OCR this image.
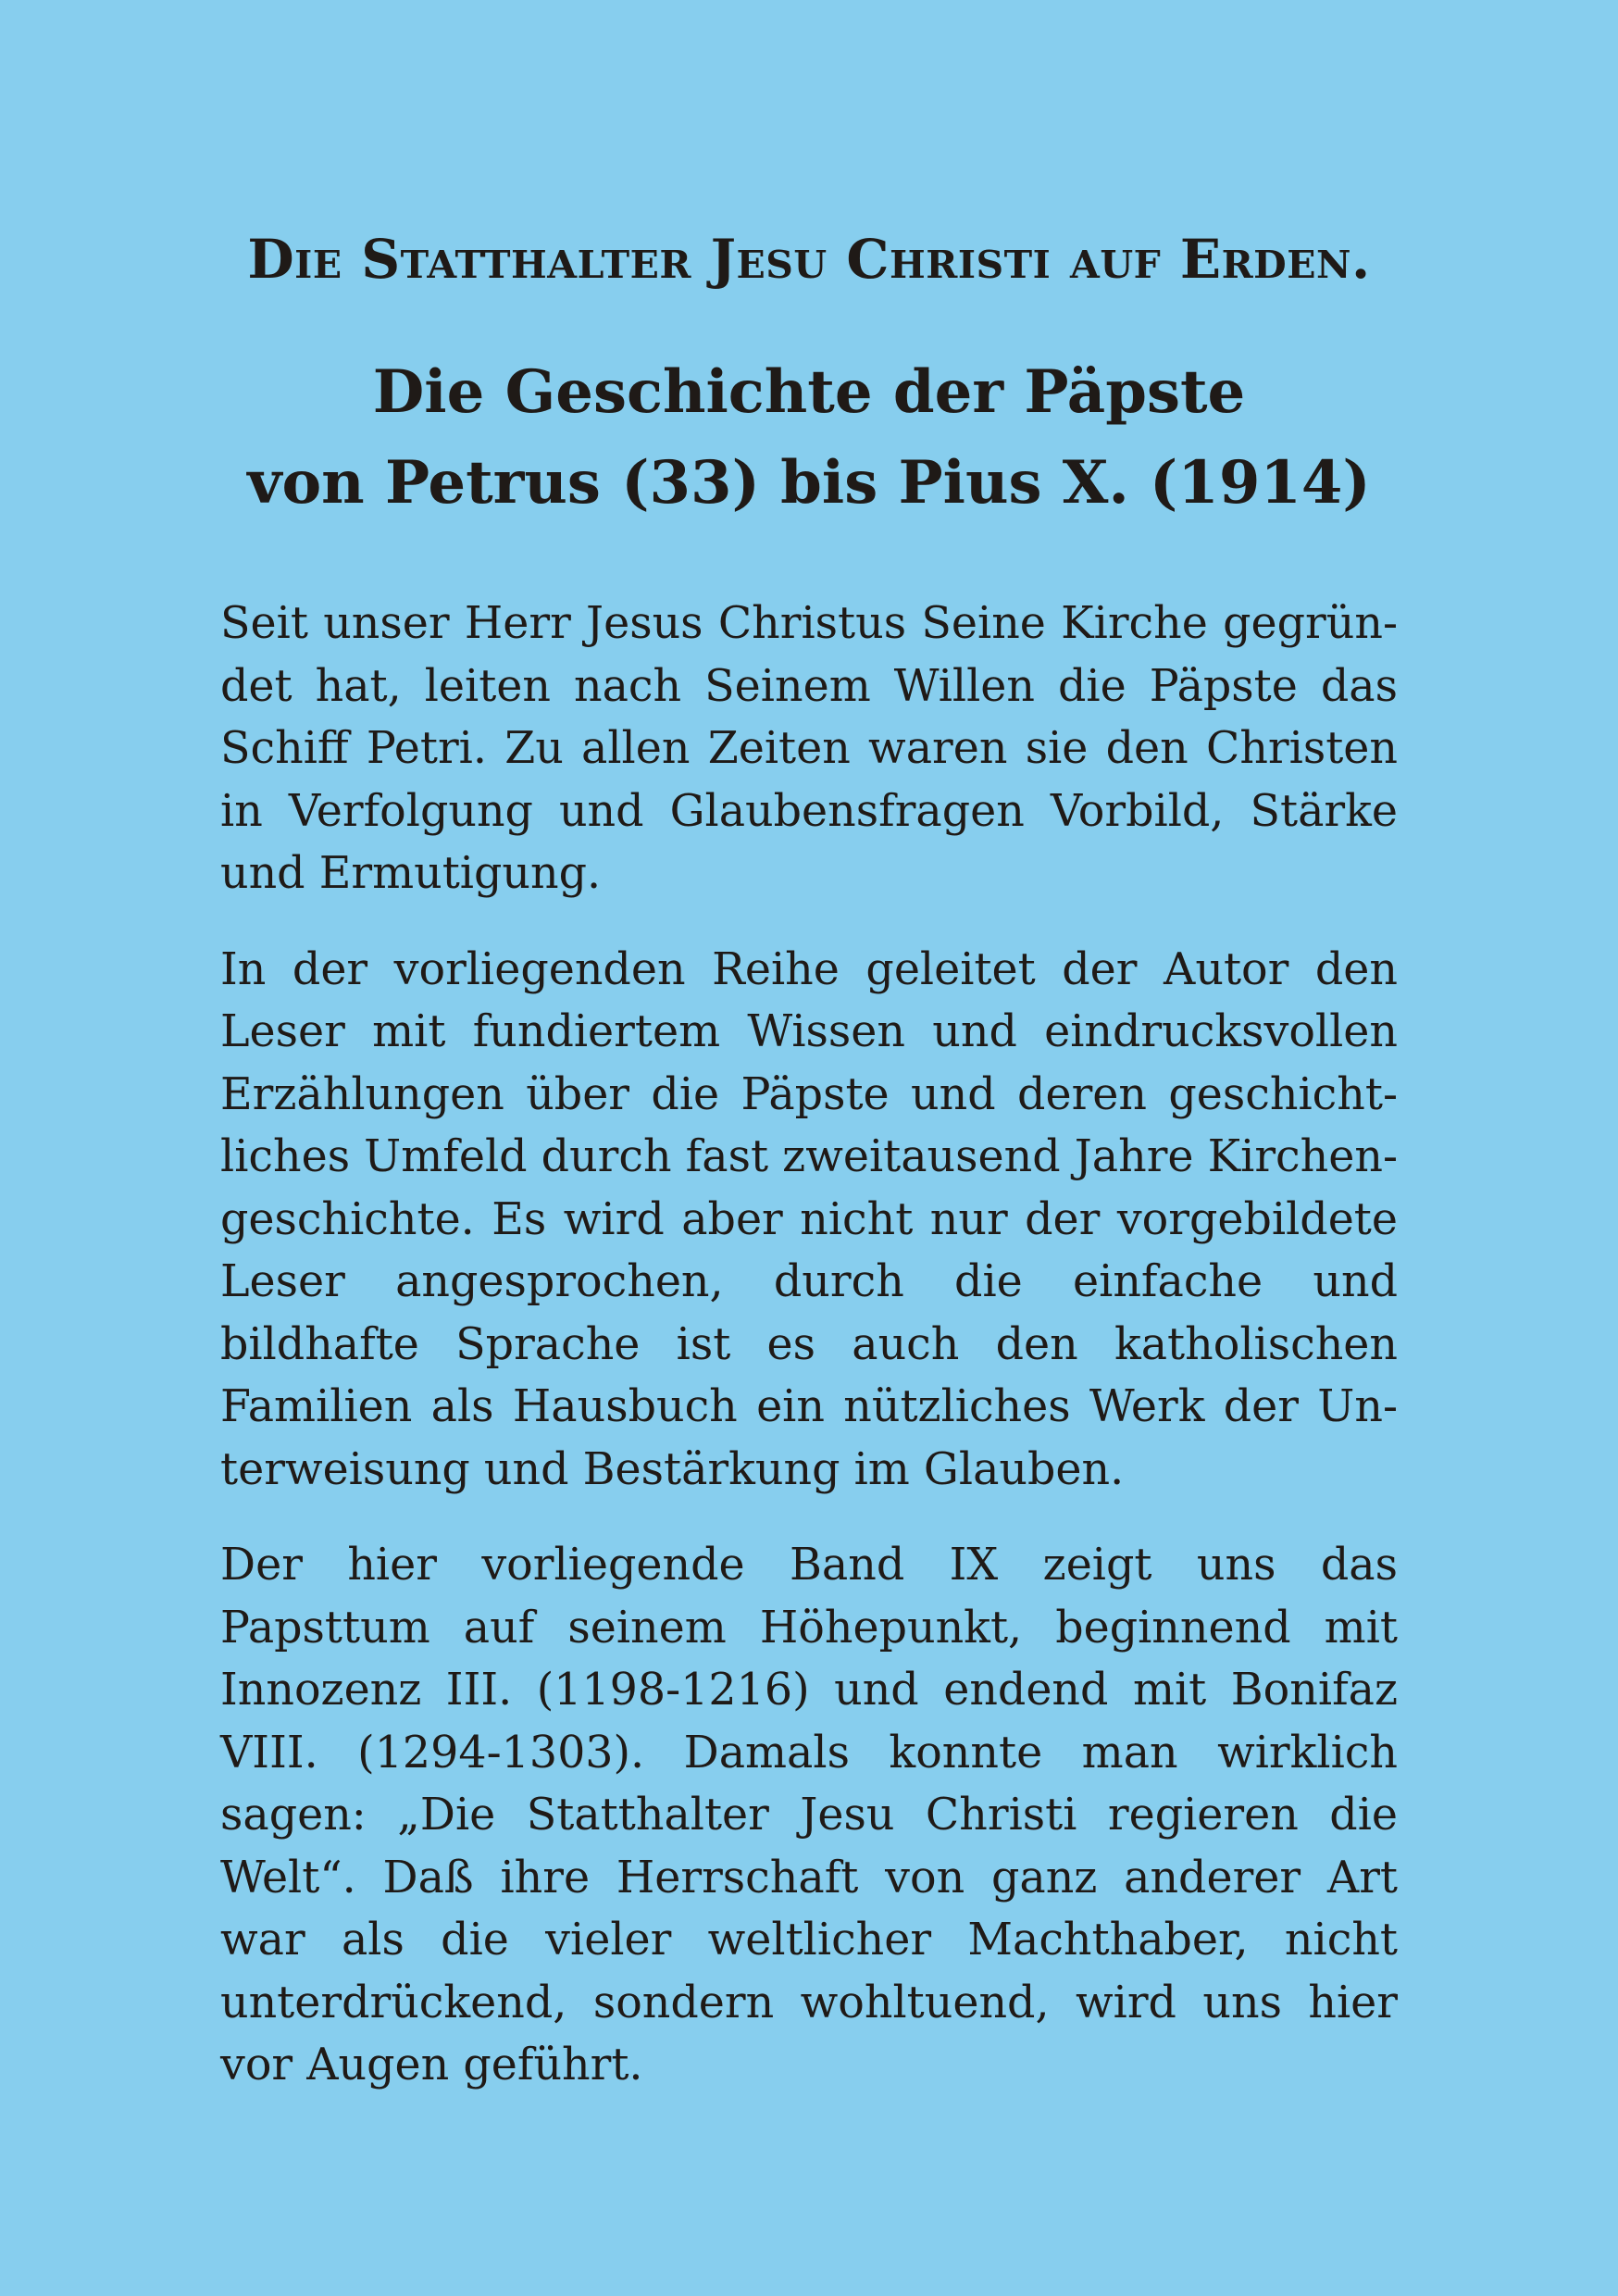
Die Statthalter Jesu Christi auf Erden.
Die Geschichte der Päpste
von Petrus (33) bis Pius X. (1914)

Seit unser Herr Jesus Christus Seine Kirche gegründet hat, leiten nach Seinem Willen die Päpste das Schiff Petri. Zu allen Zeiten waren sie den Christen in Verfolgung und Glaubensfragen Vorbild, Stärke und Ermutigung.

In der vorliegenden Reihe geleitet der Autor den Leser mit fundiertem Wissen und eindrucksvollen Erzählungen über die Päpste und deren geschichtliches Umfeld durch fast zweitausend Jahre Kirchengeschichte. Es wird aber nicht nur der vorgebildete Leser angesprochen, durch die einfache und bildhafte Sprache ist es auch den katholischen Familien als Hausbuch ein nützliches Werk der Unterweisung und Bestärkung im Glauben.

Der hier vorliegende Band IX zeigt uns das Papsttum auf seinem Höhepunkt, beginnend mit Innozenz III. (1198-1216) und endend mit Bonifaz VIII. (1294-1303). Damals konnte man wirklich sagen: „Die Statthalter Jesu Christi regieren die Welt“. Daß ihre Herrschaft von ganz anderer Art war als die vieler weltlicher Machthaber, nicht unterdrückend, sondern wohltuend, wird uns hier vor Augen geführt.
